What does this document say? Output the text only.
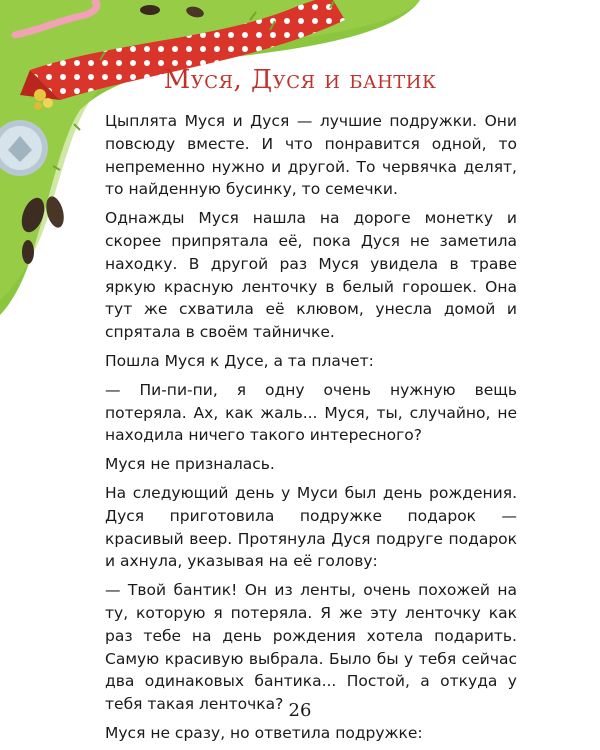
Муся, Дуся и бантик

Цыплята Муся и Дуся — лучшие подружки. Они повсюду вместе. И что понравится одной, то непременно нужно и другой. То червячка делят, то найденную бусинку, то семечки.

Однажды Муся нашла на дороге монетку и скорее припрятала её, пока Дуся не заметила находку. В другой раз Муся увидела в траве яркую красную ленточку в белый горошек. Она тут же схватила её клювом, унесла домой и спрятала в своём тайничке.

Пошла Муся к Дусе, а та плачет:

— Пи-пи-пи, я одну очень нужную вещь потеряла. Ах, как жаль... Муся, ты, случайно, не находила ничего такого интересного?

Муся не призналась.

На следующий день у Муси был день рождения. Дуся приготовила подружке подарок — красивый веер. Протянула Дуся подруге подарок и ахнула, указывая на её голову:

— Твой бантик! Он из ленты, очень похожей на ту, которую я потеряла. Я же эту ленточку как раз тебе на день рождения хотела подарить. Самую красивую выбрала. Было бы у тебя сейчас два одинаковых бантика... Постой, а откуда у тебя такая ленточка?

Муся не сразу, но ответила подружке:

26
